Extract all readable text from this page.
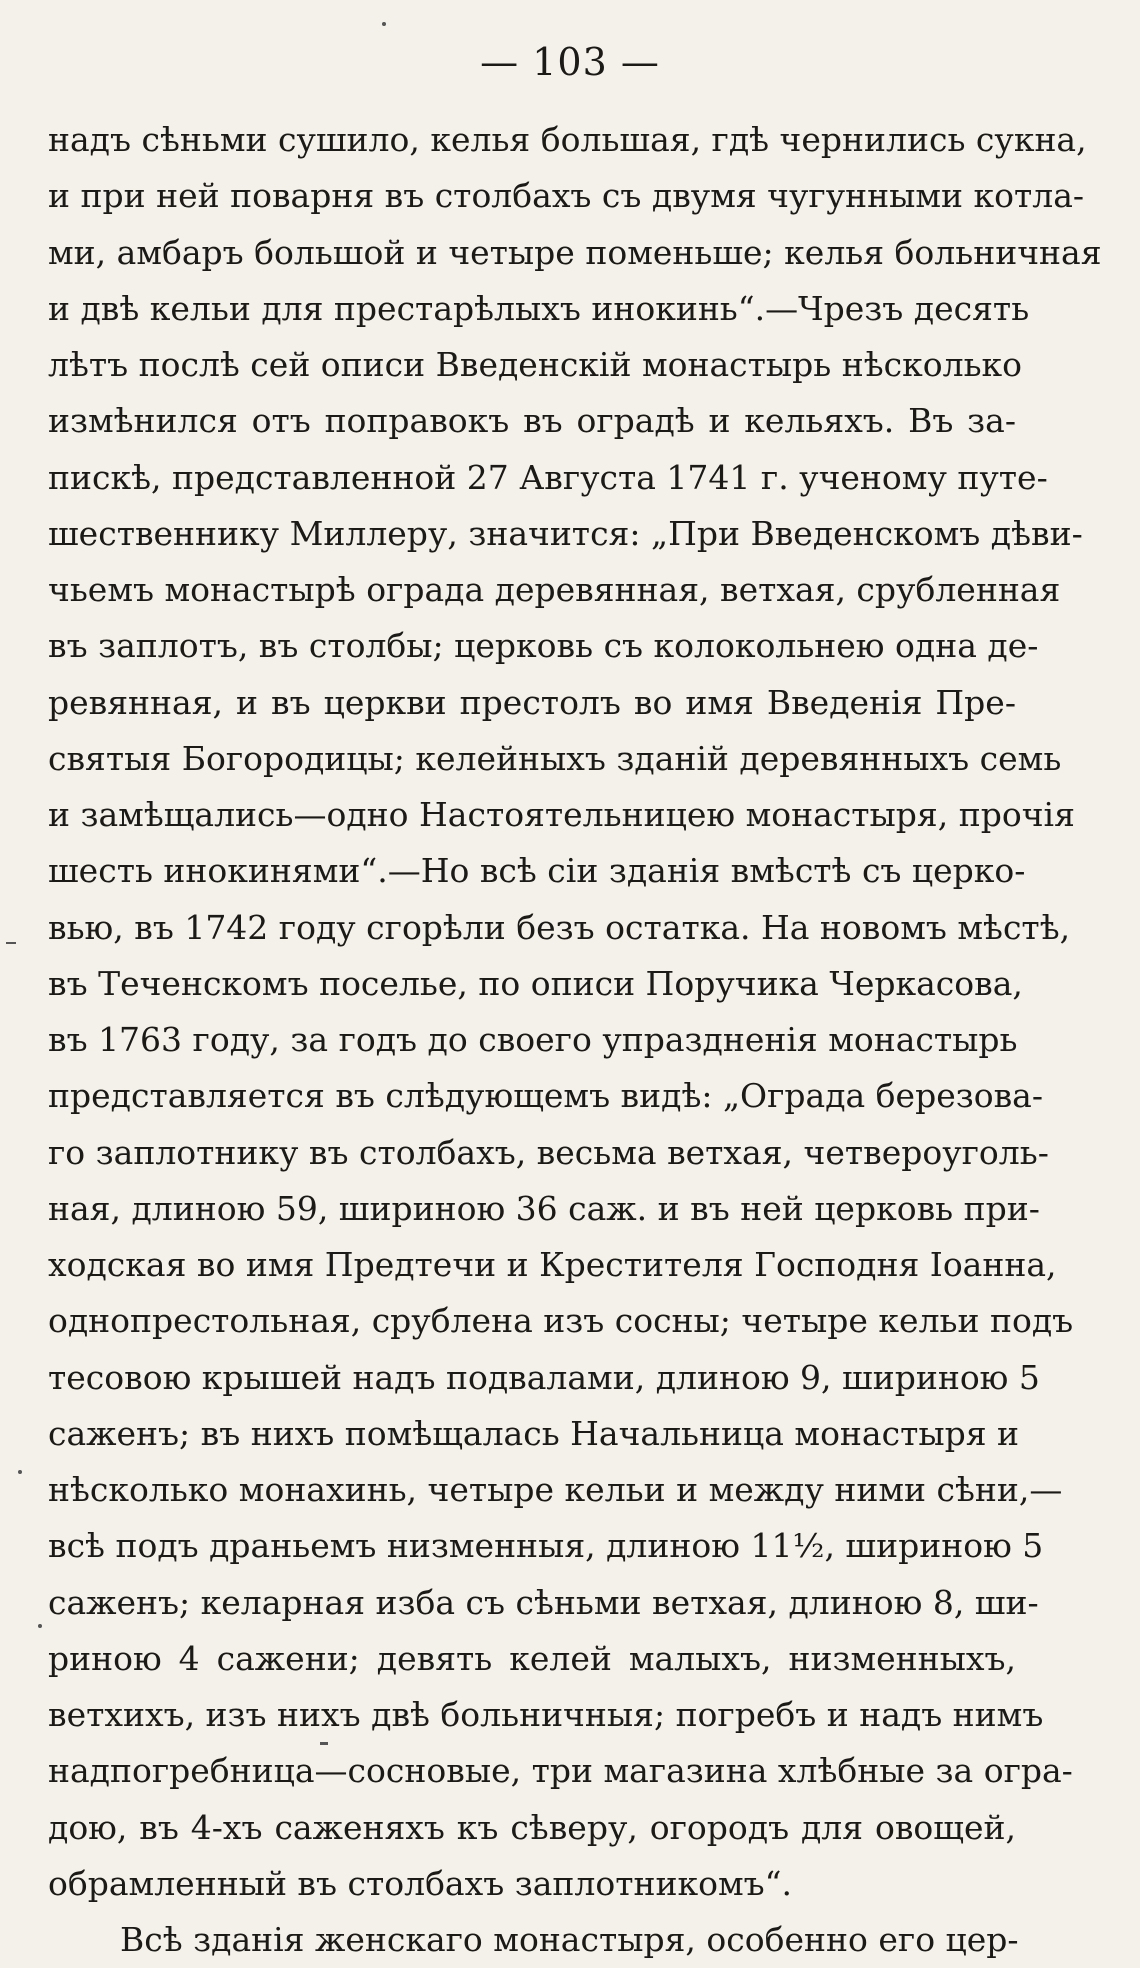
— 103 —
надъ сѣньми сушило, келья большая, гдѣ чернились сукна,
и при ней поварня въ столбахъ съ двумя чугунными котла-
ми, амбаръ большой и четыре поменьше; келья больничная
и двѣ кельи для престарѣлыхъ инокинь“.—Чрезъ десять
лѣтъ послѣ сей описи Введенскій монастырь нѣсколько
измѣнился отъ поправокъ въ оградѣ и кельяхъ. Въ за-
пискѣ, представленной 27 Августа 1741 г. ученому путе-
шественнику Миллеру, значится: „При Введенскомъ дѣви-
чьемъ монастырѣ ограда деревянная, ветхая, срубленная
въ заплотъ, въ столбы; церковь съ колокольнею одна де-
ревянная, и въ церкви престолъ во имя Введенія Пре-
святыя Богородицы; келейныхъ зданій деревянныхъ семь
и замѣщались—одно Настоятельницею монастыря, прочія
шесть инокинями“.—Но всѣ сіи зданія вмѣстѣ съ церко-
вью, въ 1742 году сгорѣли безъ остатка. На новомъ мѣстѣ,
въ Теченскомъ поселье, по описи Поручика Черкасова,
въ 1763 году, за годъ до своего упраздненія монастырь
представляется въ слѣдующемъ видѣ: „Ограда березова-
го заплотнику въ столбахъ, весьма ветхая, четвероуголь-
ная, длиною 59, шириною 36 саж. и въ ней церковь при-
ходская во имя Предтечи и Крестителя Господня Іоанна,
однопрестольная, срублена изъ сосны; четыре кельи подъ
тесовою крышей надъ подвалами, длиною 9, шириною 5
саженъ; въ нихъ помѣщалась Начальница монастыря и
нѣсколько монахинь, четыре кельи и между ними сѣни,—
всѣ подъ драньемъ низменныя, длиною 11½, шириною 5
саженъ; келарная изба съ сѣньми ветхая, длиною 8, ши-
риною 4 сажени; девять келей малыхъ, низменныхъ,
ветхихъ, изъ нихъ двѣ больничныя; погребъ и надъ нимъ
надпогребница—сосновые, три магазина хлѣбные за огра-
дою, въ 4-хъ саженяхъ къ сѣверу, огородъ для овощей,
обрамленный въ столбахъ заплотникомъ“.
Всѣ зданія женскаго монастыря, особенно его цер-
